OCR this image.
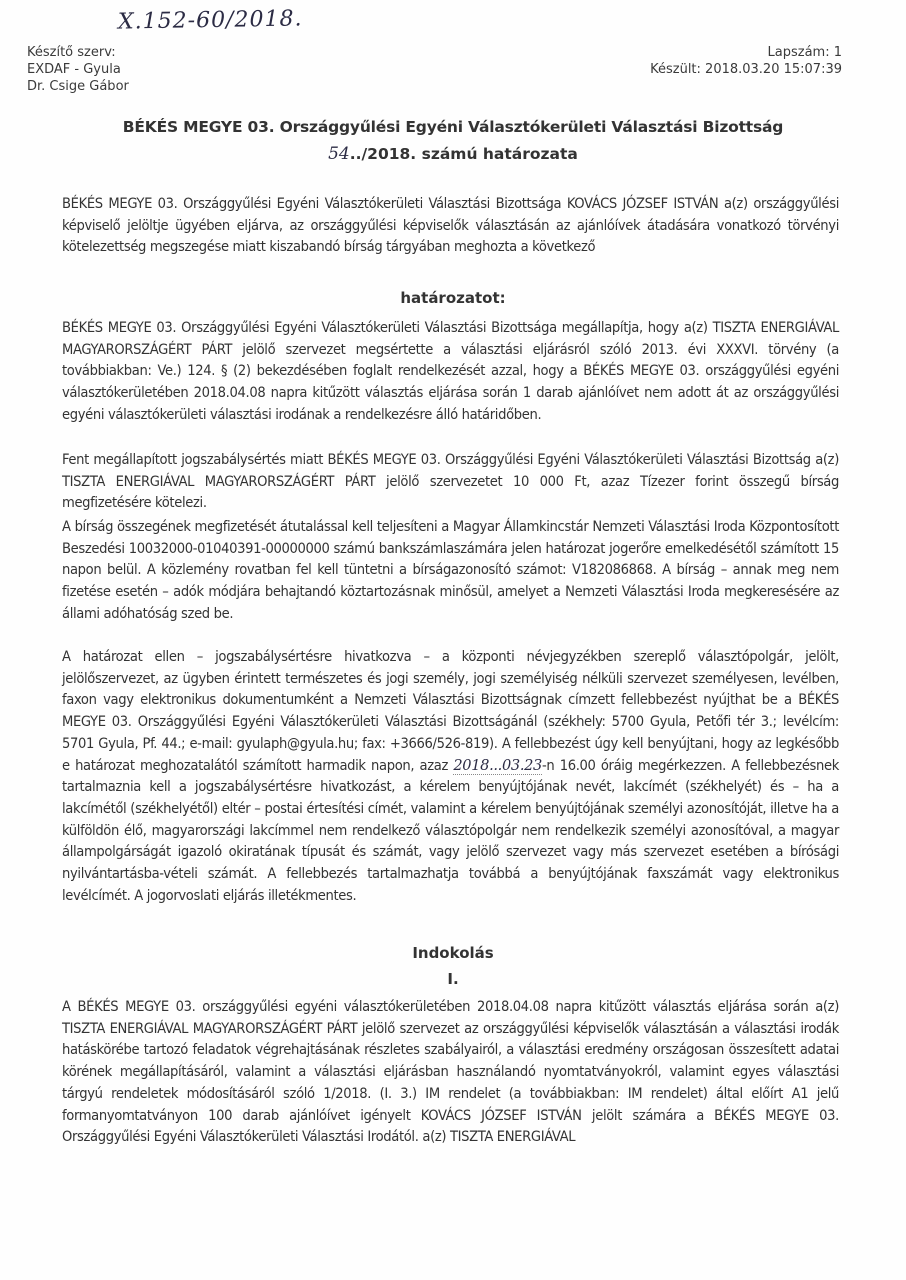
X.152-60/2018.
Készítő szerv:
EXDAF - Gyula
Dr. Csige Gábor
Lapszám: 1
Készült: 2018.03.20 15:07:39
BÉKÉS MEGYE 03. Országgyűlési Egyéni Választókerületi Választási Bizottság
54../2018. számú határozata

BÉKÉS MEGYE 03. Országgyűlési Egyéni Választókerületi Választási Bizottsága KOVÁCS JÓZSEF ISTVÁN a(z) országgyűlési képviselő jelöltje ügyében eljárva, az országgyűlési képviselők választásán az ajánlóívek átadására vonatkozó törvényi kötelezettség megszegése miatt kiszabandó bírság tárgyában meghozta a következő

határozatot:

BÉKÉS MEGYE 03. Országgyűlési Egyéni Választókerületi Választási Bizottsága megállapítja, hogy a(z) TISZTA ENERGIÁVAL MAGYARORSZÁGÉRT PÁRT jelölő szervezet megsértette a választási eljárásról szóló 2013. évi XXXVI. törvény (a továbbiakban: Ve.) 124. § (2) bekezdésében foglalt rendelkezését azzal, hogy a BÉKÉS MEGYE 03. országgyűlési egyéni választókerületében 2018.04.08 napra kitűzött választás eljárása során 1 darab ajánlóívet nem adott át az országgyűlési egyéni választókerületi választási irodának a rendelkezésre álló határidőben.

Fent megállapított jogszabálysértés miatt BÉKÉS MEGYE 03. Országgyűlési Egyéni Választókerületi Választási Bizottság a(z) TISZTA ENERGIÁVAL MAGYARORSZÁGÉRT PÁRT jelölő szervezetet 10 000 Ft, azaz Tízezer forint összegű bírság megfizetésére kötelezi.

A bírság összegének megfizetését átutalással kell teljesíteni a Magyar Államkincstár Nemzeti Választási Iroda Központosított Beszedési 10032000-01040391-00000000 számú bankszámlaszámára jelen határozat jogerőre emelkedésétől számított 15 napon belül. A közlemény rovatban fel kell tüntetni a bírságazonosító számot: V182086868. A bírság – annak meg nem fizetése esetén – adók módjára behajtandó köztartozásnak minősül, amelyet a Nemzeti Választási Iroda megkeresésére az állami adóhatóság szed be.

A határozat ellen – jogszabálysértésre hivatkozva – a központi névjegyzékben szereplő választópolgár, jelölt, jelölőszervezet, az ügyben érintett természetes és jogi személy, jogi személyiség nélküli szervezet személyesen, levélben, faxon vagy elektronikus dokumentumként a Nemzeti Választási Bizottságnak címzett fellebbezést nyújthat be a BÉKÉS MEGYE 03. Országgyűlési Egyéni Választókerületi Választási Bizottságánál (székhely: 5700 Gyula, Petőfi tér 3.; levélcím: 5701 Gyula, Pf. 44.; e-mail: gyulaph@gyula.hu; fax: +3666/526-819). A fellebbezést úgy kell benyújtani, hogy az legkésőbb e határozat meghozatalától számított harmadik napon, azaz 2018...03.23-n 16.00 óráig megérkezzen. A fellebbezésnek tartalmaznia kell a jogszabálysértésre hivatkozást, a kérelem benyújtójának nevét, lakcímét (székhelyét) és – ha a lakcímétől (székhelyétől) eltér – postai értesítési címét, valamint a kérelem benyújtójának személyi azonosítóját, illetve ha a külföldön élő, magyarországi lakcímmel nem rendelkező választópolgár nem rendelkezik személyi azonosítóval, a magyar állampolgárságát igazoló okiratának típusát és számát, vagy jelölő szervezet vagy más szervezet esetében a bírósági nyilvántartásba-vételi számát. A fellebbezés tartalmazhatja továbbá a benyújtójának faxszámát vagy elektronikus levélcímét. A jogorvoslati eljárás illetékmentes.

Indokolás
I.

A BÉKÉS MEGYE 03. országgyűlési egyéni választókerületében 2018.04.08 napra kitűzött választás eljárása során a(z) TISZTA ENERGIÁVAL MAGYARORSZÁGÉRT PÁRT jelölő szervezet az országgyűlési képviselők választásán a választási irodák hatáskörébe tartozó feladatok végrehajtásának részletes szabályairól, a választási eredmény országosan összesített adatai körének megállapításáról, valamint a választási eljárásban használandó nyomtatványokról, valamint egyes választási tárgyú rendeletek módosításáról szóló 1/2018. (I. 3.) IM rendelet (a továbbiakban: IM rendelet) által előírt A1 jelű formanyomtatványon 100 darab ajánlóívet igényelt KOVÁCS JÓZSEF ISTVÁN jelölt számára a BÉKÉS MEGYE 03. Országgyűlési Egyéni Választókerületi Választási Irodától. a(z) TISZTA ENERGIÁVAL
